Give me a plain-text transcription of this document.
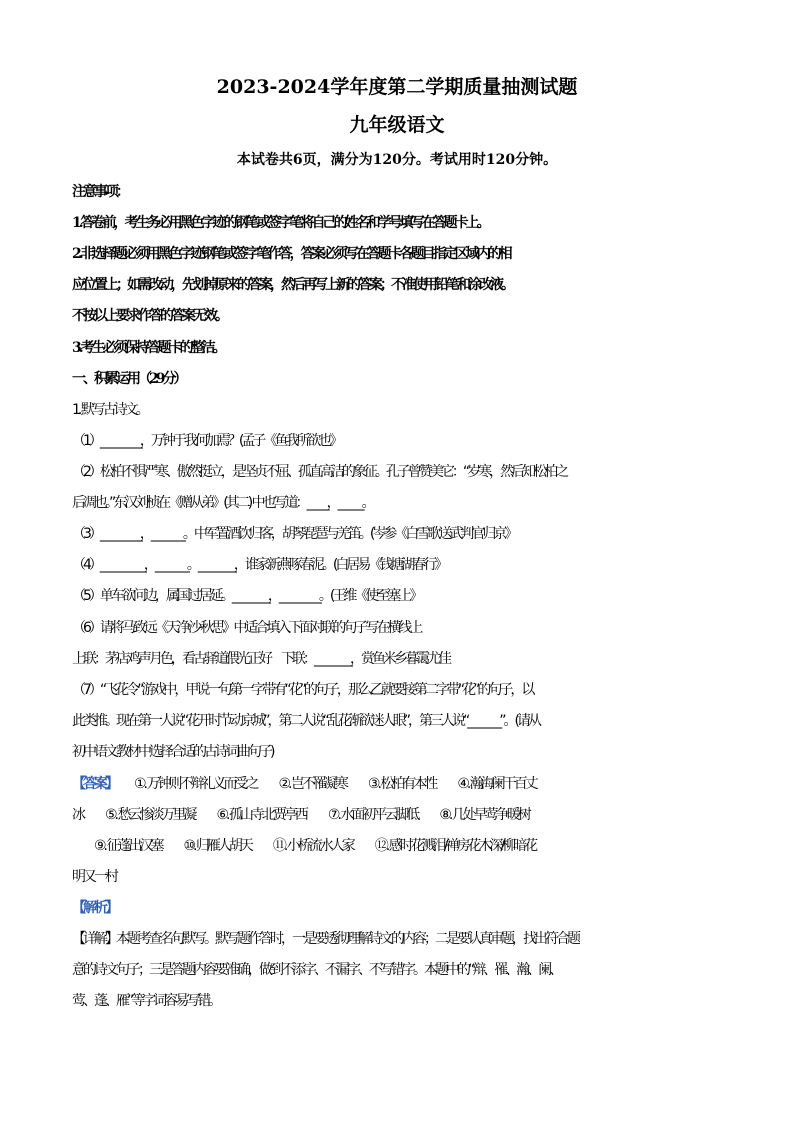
2023-2024学年度第二学期质量抽测试题
九年级语文
本试卷共6页，满分为120分。考试用时120分钟。
注意事项：
1.答卷前，考生务必用黑色字迹的钢笔或签字笔将自己的姓名和学号填写在答题卡上。
2.非选择题必须用黑色字迹钢笔或签字笔作答，答案必须写在答题卡各题目指定区域内的相
应位置上；如需改动，先划掉原来的答案，然后再写上新的答案；不准使用铅笔和涂改液。
不按以上要求作答的答案无效。
3.考生必须保持答题卡的整洁。
一、积累运用（29分）
1. 默写古诗文。
（1）__________，万钟于我何加焉？(孟子《鱼我所欲也》
（2）松柏不惧严寒、傲然挺立，是坚贞不屈、孤直高洁的象征。孔子曾赞美它：“岁寒，然后知松柏之
后凋也。”东汉刘桢在《赠从弟》(其二) 中也写道：_____，______。
（3）__________，________。中军置酒饮归客，胡琴琵琶与羌笛。(岑参《白雪歌送武判官归京》
（4）___________，________。_________，谁家新燕啄春泥。(白居易《钱塘湖春行》
（5）单车欲问边，属国过居延。_________，__________。(王维《使至塞上》
（6）请将马致远《天净沙·秋思》中适合填入下面对联的句子写在横线上
上联：茅店鸡声月色，看古驿道偎光正好　下联：_________，赏鱼米乡暮霭尤佳
（7）“飞花令”游戏中，甲说一句第一字带有“花”的句子，那么乙就要接第二字带“花”的句子，以
此类推。现在第一人说“花开时节动京城”，第二人说“乱花渐欲迷人眼”，第三人说“________”。(请从
初中语文教材中选择合适的古诗词曲句子)
【答案】 ①. 万钟则不辩礼义而受之　　②. 岂不罹凝寒　　③. 松柏有本性　　④. 瀚海阑干百丈
冰　　⑤. 愁云惨淡万里凝　　⑥. 孤山寺北贾亭西　　⑦. 水面初平云脚低　　⑧. 几处早莺争暖树
　　⑨. 征蓬出汉塞　　⑩. 归雁人胡天　　⑪. 小桥流水人家　　⑫. 感时花溅泪/禅房花木深/柳暗花
明又一村
【解析】
【详解】本题考查名句默写。默写题作答时，一是要透彻理解诗文的内容；二是要认真审题，找出符合题
意的诗文句子；三是答题内容要准确，做到不添字、不漏字、不写错字。本题中的“辩、罹、瀚、阑、
莺、蓬、雁”等字词容易写错。
